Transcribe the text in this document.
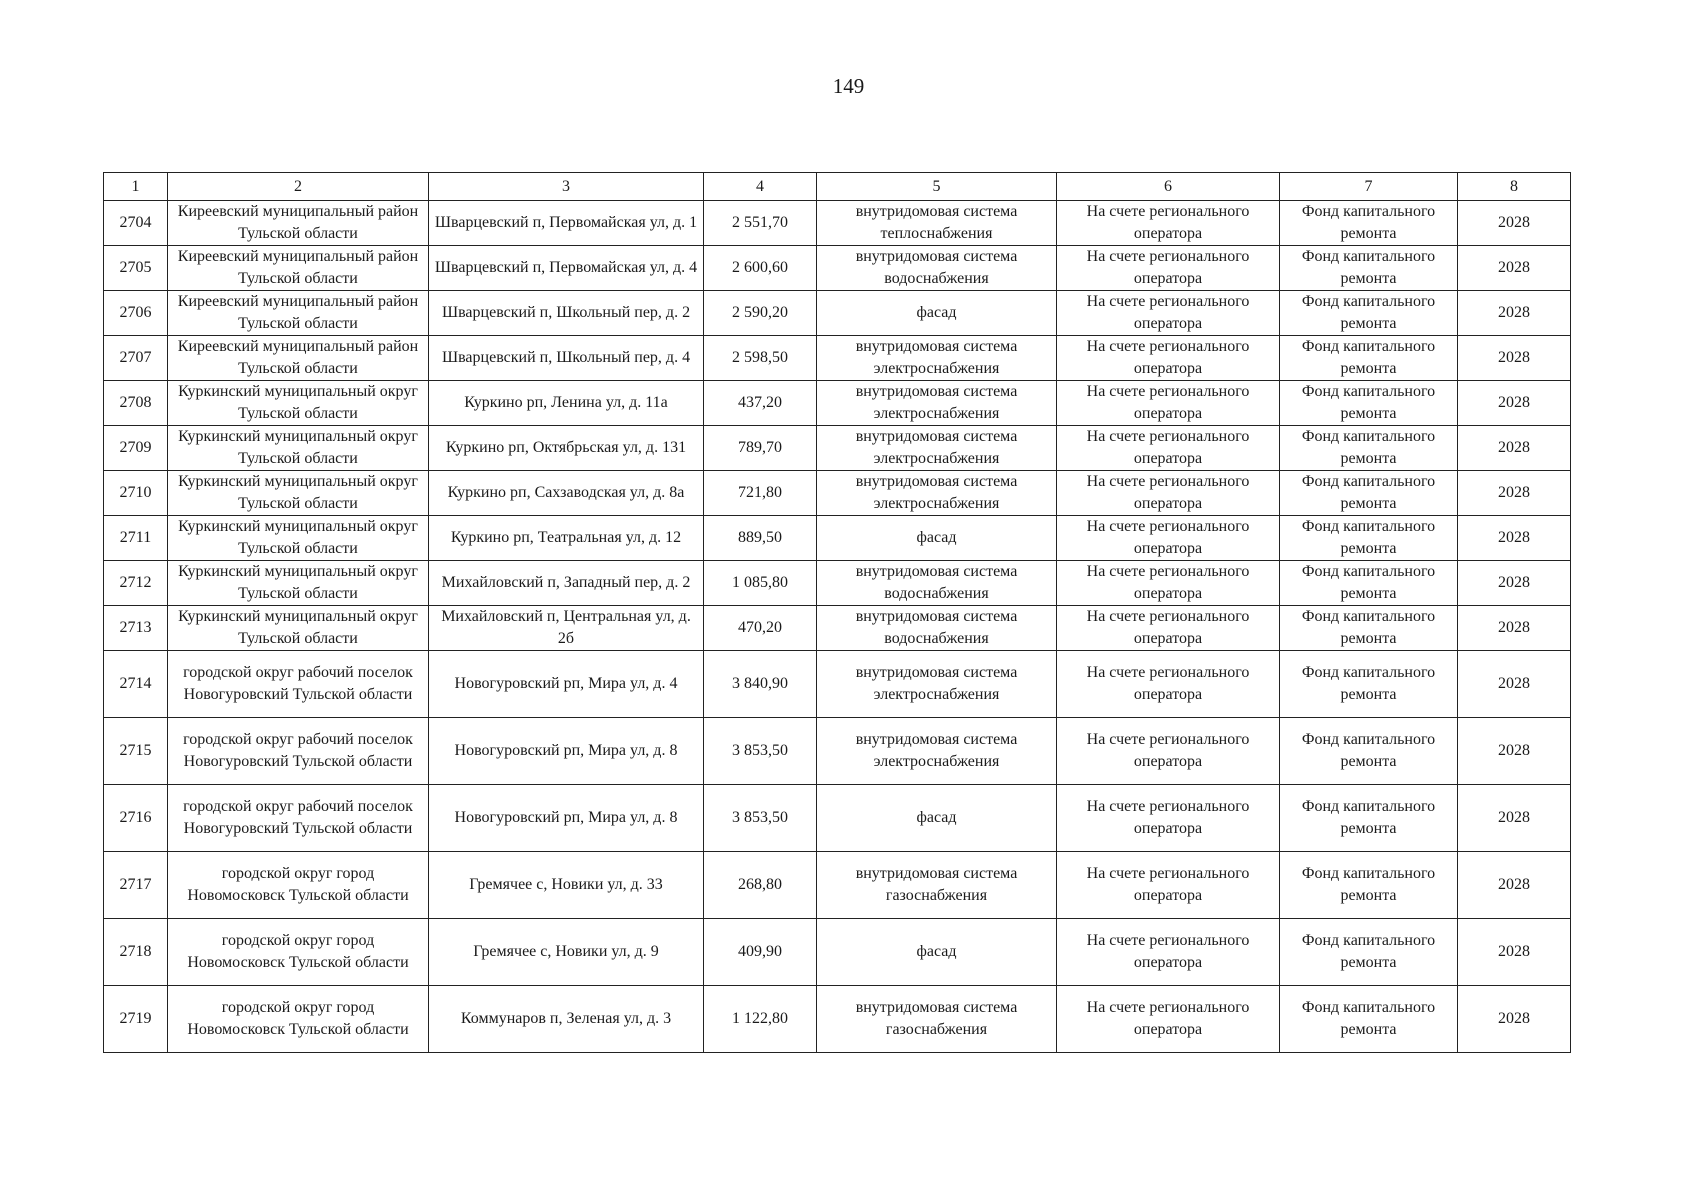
149
1	2	3	4	5	6	7	8
2704	Киреевский муниципальный район Тульской области	Шварцевский п, Первомайская ул, д. 1	2 551,70	внутридомовая система теплоснабжения	На счете регионального оператора	Фонд капитального ремонта	2028
2705	Киреевский муниципальный район Тульской области	Шварцевский п, Первомайская ул, д. 4	2 600,60	внутридомовая система водоснабжения	На счете регионального оператора	Фонд капитального ремонта	2028
2706	Киреевский муниципальный район Тульской области	Шварцевский п, Школьный пер, д. 2	2 590,20	фасад	На счете регионального оператора	Фонд капитального ремонта	2028
2707	Киреевский муниципальный район Тульской области	Шварцевский п, Школьный пер, д. 4	2 598,50	внутридомовая система электроснабжения	На счете регионального оператора	Фонд капитального ремонта	2028
2708	Куркинский муниципальный округ Тульской области	Куркино рп, Ленина ул, д. 11а	437,20	внутридомовая система электроснабжения	На счете регионального оператора	Фонд капитального ремонта	2028
2709	Куркинский муниципальный округ Тульской области	Куркино рп, Октябрьская ул, д. 131	789,70	внутридомовая система электроснабжения	На счете регионального оператора	Фонд капитального ремонта	2028
2710	Куркинский муниципальный округ Тульской области	Куркино рп, Сахзаводская ул, д. 8а	721,80	внутридомовая система электроснабжения	На счете регионального оператора	Фонд капитального ремонта	2028
2711	Куркинский муниципальный округ Тульской области	Куркино рп, Театральная ул, д. 12	889,50	фасад	На счете регионального оператора	Фонд капитального ремонта	2028
2712	Куркинский муниципальный округ Тульской области	Михайловский п, Западный пер, д. 2	1 085,80	внутридомовая система водоснабжения	На счете регионального оператора	Фонд капитального ремонта	2028
2713	Куркинский муниципальный округ Тульской области	Михайловский п, Центральная ул, д. 2б	470,20	внутридомовая система водоснабжения	На счете регионального оператора	Фонд капитального ремонта	2028
2714	городской округ рабочий поселок Новогуровский Тульской области	Новогуровский рп, Мира ул, д. 4	3 840,90	внутридомовая система электроснабжения	На счете регионального оператора	Фонд капитального ремонта	2028
2715	городской округ рабочий поселок Новогуровский Тульской области	Новогуровский рп, Мира ул, д. 8	3 853,50	внутридомовая система электроснабжения	На счете регионального оператора	Фонд капитального ремонта	2028
2716	городской округ рабочий поселок Новогуровский Тульской области	Новогуровский рп, Мира ул, д. 8	3 853,50	фасад	На счете регионального оператора	Фонд капитального ремонта	2028
2717	городской округ город Новомосковск Тульской области	Гремячее с, Новики ул, д. 33	268,80	внутридомовая система газоснабжения	На счете регионального оператора	Фонд капитального ремонта	2028
2718	городской округ город Новомосковск Тульской области	Гремячее с, Новики ул, д. 9	409,90	фасад	На счете регионального оператора	Фонд капитального ремонта	2028
2719	городской округ город Новомосковск Тульской области	Коммунаров п, Зеленая ул, д. 3	1 122,80	внутридомовая система газоснабжения	На счете регионального оператора	Фонд капитального ремонта	2028
